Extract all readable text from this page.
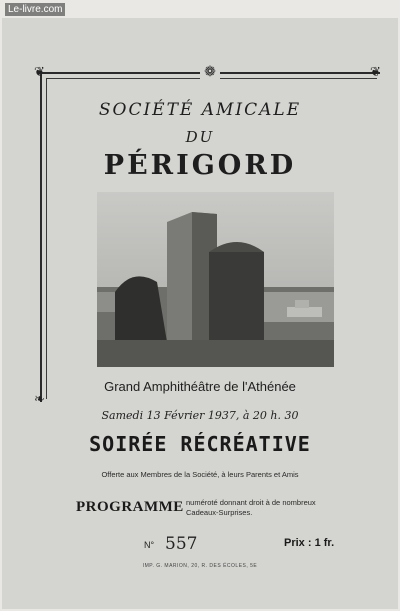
Le-livre.com
❦
❧
❦
❁
SOCIÉTÉ AMICALE
DU
PÉRIGORD
Grand Amphithéâtre de l'Athénée
Samedi 13 Février 1937, à 20 h. 30
SOIRÉE RÉCRÉATIVE
Offerte aux Membres de la Société, à leurs Parents et Amis
PROGRAMME numéroté donnant droit à de nombreux
Cadeaux-Surprises.
N° 557	Prix : 1 fr.
IMP. G. MARION, 20, R. DES ÉCOLES, 5E
